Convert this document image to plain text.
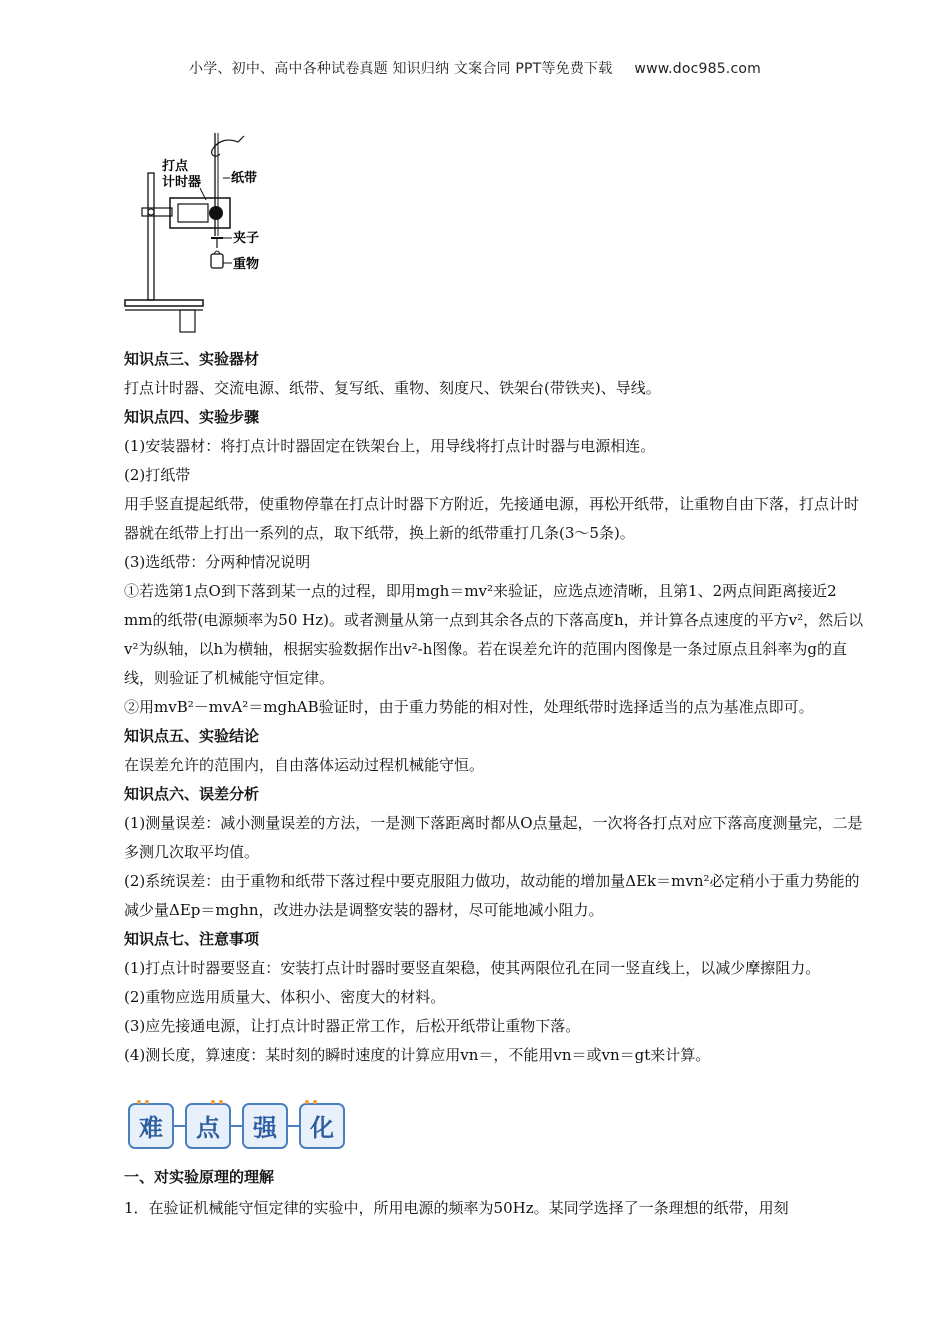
小学、初中、高中各种试卷真题 知识归纳 文案合同 PPT等免费下载 www.doc985.com
打点
计时器 纸带
夹子
重物
知识点三、实验器材
打点计时器、交流电源、纸带、复写纸、重物、刻度尺、铁架台(带铁夹)、导线。
知识点四、实验步骤
(1)安装器材：将打点计时器固定在铁架台上，用导线将打点计时器与电源相连。
(2)打纸带
用手竖直提起纸带，使重物停靠在打点计时器下方附近，先接通电源，再松开纸带，让重物自由下落，打点计时器就在纸带上打出一系列的点，取下纸带，换上新的纸带重打几条(3～5条)。
(3)选纸带：分两种情况说明
①若选第1点O到下落到某一点的过程，即用mgh＝mv²来验证，应选点迹清晰，且第1、2两点间距离接近2 mm的纸带(电源频率为50 Hz)。或者测量从第一点到其余各点的下落高度h，并计算各点速度的平方v²，然后以v²为纵轴，以h为横轴，根据实验数据作出v²-h图像。若在误差允许的范围内图像是一条过原点且斜率为g的直线，则验证了机械能守恒定律。
②用mvB²－mvA²＝mghAB验证时，由于重力势能的相对性，处理纸带时选择适当的点为基准点即可。
知识点五、实验结论
在误差允许的范围内，自由落体运动过程机械能守恒。
知识点六、误差分析
(1)测量误差：减小测量误差的方法，一是测下落距离时都从O点量起，一次将各打点对应下落高度测量完，二是多测几次取平均值。
(2)系统误差：由于重物和纸带下落过程中要克服阻力做功，故动能的增加量ΔEk＝mvn²必定稍小于重力势能的减少量ΔEp＝mghn，改进办法是调整安装的器材，尽可能地减小阻力。
知识点七、注意事项
(1)打点计时器要竖直：安装打点计时器时要竖直架稳，使其两限位孔在同一竖直线上，以减少摩擦阻力。
(2)重物应选用质量大、体积小、密度大的材料。
(3)应先接通电源，让打点计时器正常工作，后松开纸带让重物下落。
(4)测长度，算速度：某时刻的瞬时速度的计算应用vn＝，不能用vn＝或vn＝gt来计算。
难 点 强 化
一、对实验原理的理解
1．在验证机械能守恒定律的实验中，所用电源的频率为50Hz。某同学选择了一条理想的纸带，用刻
